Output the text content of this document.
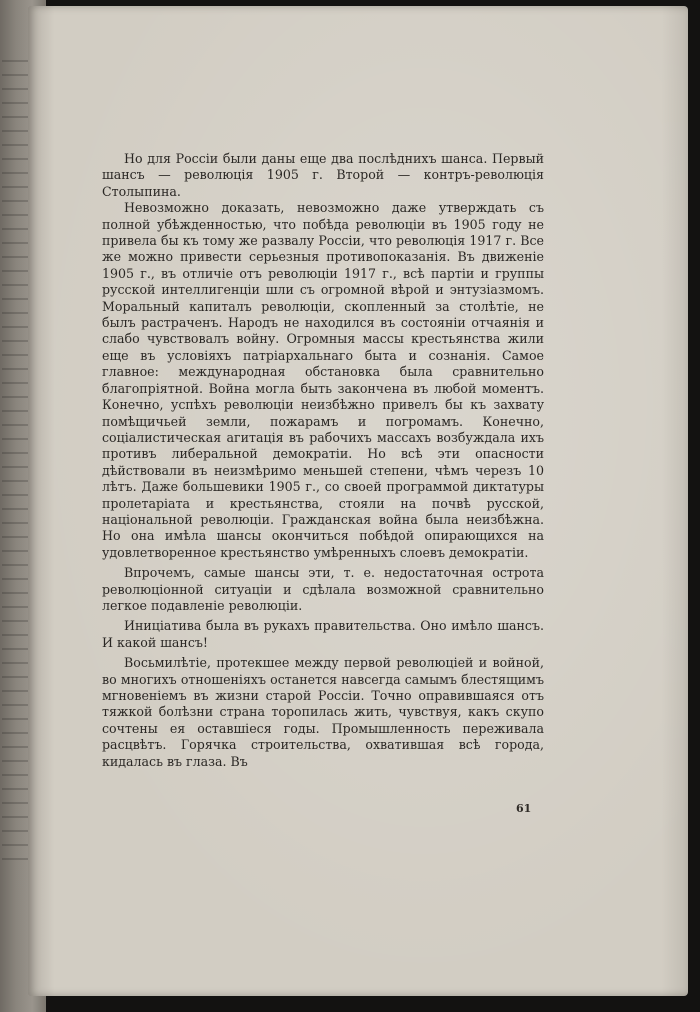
Но для Россіи были даны еще два послѣднихъ шанса. Первый шансъ — революція 1905 г. Второй — контръ-революція Столыпина.

Невозможно доказать, невозможно даже утверждать съ полной убѣжденностью, что побѣда революціи въ 1905 году не привела бы къ тому же развалу Россіи, что революція 1917 г. Все же можно привести серьезныя противопоказанія. Въ движеніе 1905 г., въ отличіе отъ революціи 1917 г., всѣ партіи и группы русской интеллигенціи шли съ огромной вѣрой и энтузіазмомъ. Моральный капиталъ революціи, скопленный за столѣтіе, не былъ растраченъ. Народъ не находился въ состояніи отчаянія и слабо чувствовалъ войну. Огромныя массы крестьянства жили еще въ условіяхъ патріархальнаго быта и сознанія. Самое главное: международная обстановка была сравнительно благопріятной. Война могла быть закончена въ любой моментъ. Конечно, успѣхъ революціи неизбѣжно привелъ бы къ захвату помѣщичьей земли, пожарамъ и погромамъ. Конечно, соціалистическая агитація въ рабочихъ массахъ возбуждала ихъ противъ либеральной демократіи. Но всѣ эти опасности дѣйствовали въ неизмѣримо меньшей степени, чѣмъ черезъ 10 лѣтъ. Даже большевики 1905 г., со своей программой диктатуры пролетаріата и крестьянства, стояли на почвѣ русской, національной революціи. Гражданская война была неизбѣжна. Но она имѣла шансы окончиться побѣдой опирающихся на удовлетворенное крестьянство умѣренныхъ слоевъ демократіи.

Впрочемъ, самые шансы эти, т. е. недостаточная острота революціонной ситуаціи и сдѣлала возможной сравнительно легкое подавленіе революціи.

Иниціатива была въ рукахъ правительства. Оно имѣло шансъ. И какой шансъ!

Восьмилѣтіе, протекшее между первой революціей и войной, во многихъ отношеніяхъ останется навсегда самымъ блестящимъ мгновеніемъ въ жизни старой Россіи. Точно оправившаяся отъ тяжкой болѣзни страна торопилась жить, чувствуя, какъ скупо сочтены ея оставшіеся годы. Промышленность переживала расцвѣтъ. Горячка строительства, охватившая всѣ города, кидалась въ глаза. Въ

61
